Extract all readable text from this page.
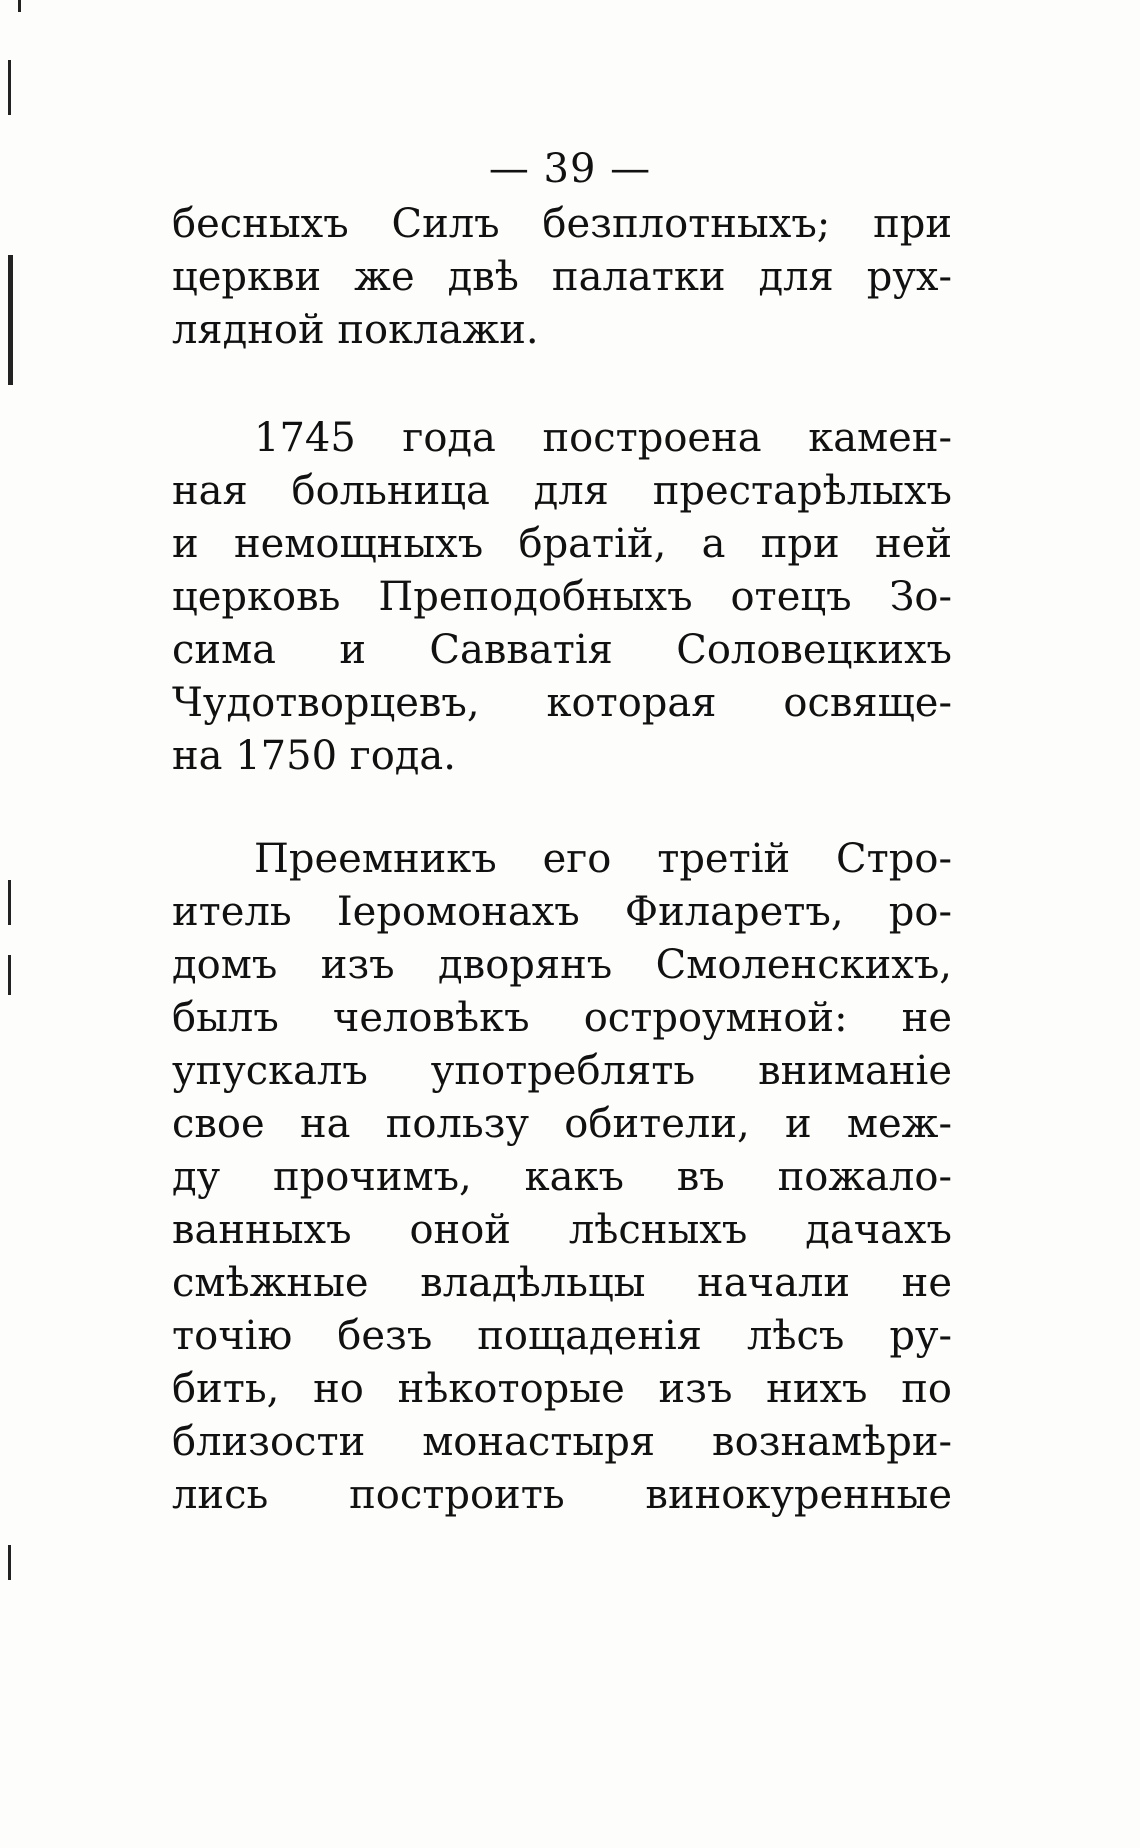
— 39 —
бесныхъ Силъ безплотныхъ; при
церкви же двѣ палатки для рух-
лядной поклажи.
1745 года построена камен-
ная больница для престарѣлыхъ
и немощныхъ братій, а при ней
церковь Преподобныхъ отецъ Зо-
сима и Савватія Соловецкихъ
Чудотворцевъ, которая освяще-
на 1750 года.
Преемникъ его третій Стро-
итель Іеромонахъ Филаретъ, ро-
домъ изъ дворянъ Смоленскихъ,
былъ человѣкъ остроумной: не
упускалъ употреблять вниманіе
свое на пользу обители, и меж-
ду прочимъ, какъ въ пожало-
ванныхъ оной лѣсныхъ дачахъ
смѣжные владѣльцы начали не
точію безъ пощаденія лѣсъ ру-
бить, но нѣкоторые изъ нихъ по
близости монастыря вознамѣри-
лись построить винокуренные
